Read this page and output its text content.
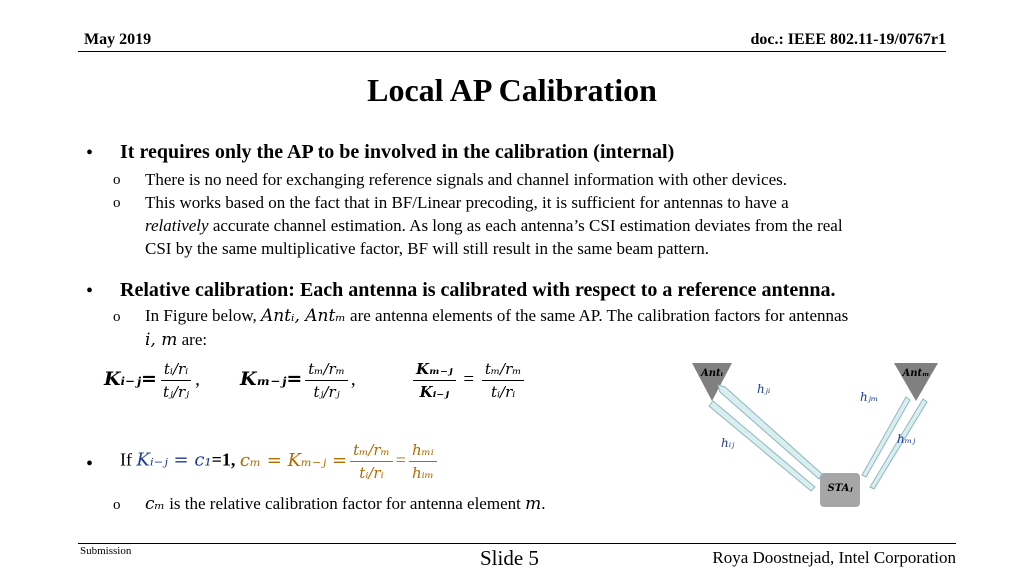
May 2019	doc.: IEEE 802.11-19/0767r1
Local AP Calibration
• It requires only the AP to be involved in the calibration (internal)
o There is no need for exchanging reference signals and channel information with other devices.
o This works based on the fact that in BF/Linear precoding, it is sufficient for antennas to have a
relatively accurate channel estimation. As long as each antenna’s CSI estimation deviates from the real
CSI by the same multiplicative factor, BF will still result in the same beam pattern.
• Relative calibration: Each antenna is calibrated with respect to a reference antenna.
o In Figure below, Antᵢ, Antₘ are antenna elements of the same AP. The calibration factors for antennas
i, m are:
Kᵢ₋ⱼ= $\frac{\text{tᵢ/rᵢ}}{\text{tⱼ/rⱼ}}$ , Kₘ₋ⱼ= $\frac{\text{tₘ/rₘ}}{\text{tⱼ/rⱼ}}$ ,	$\frac{\text{Kₘ₋ⱼ}}{\text{Kᵢ₋ⱼ}} = \frac{\text{tₘ/rₘ}}{\text{tᵢ/rᵢ}}$
• If Kᵢ₋ⱼ = c₁=1, cₘ = Kₘ₋ⱼ = $\frac{\text{tₘ/rₘ}}{\text{tᵢ/rᵢ}} = \frac{\text{hₘᵢ}}{\text{hᵢₘ}}$
o cₘ is the relative calibration factor for antenna element m.
Antᵢ	Antₘ
STAⱼ
hⱼᵢ
hⱼₘ
hᵢⱼ	hₘⱼ
Submission	Slide 5	Roya Doostnejad, Intel Corporation
